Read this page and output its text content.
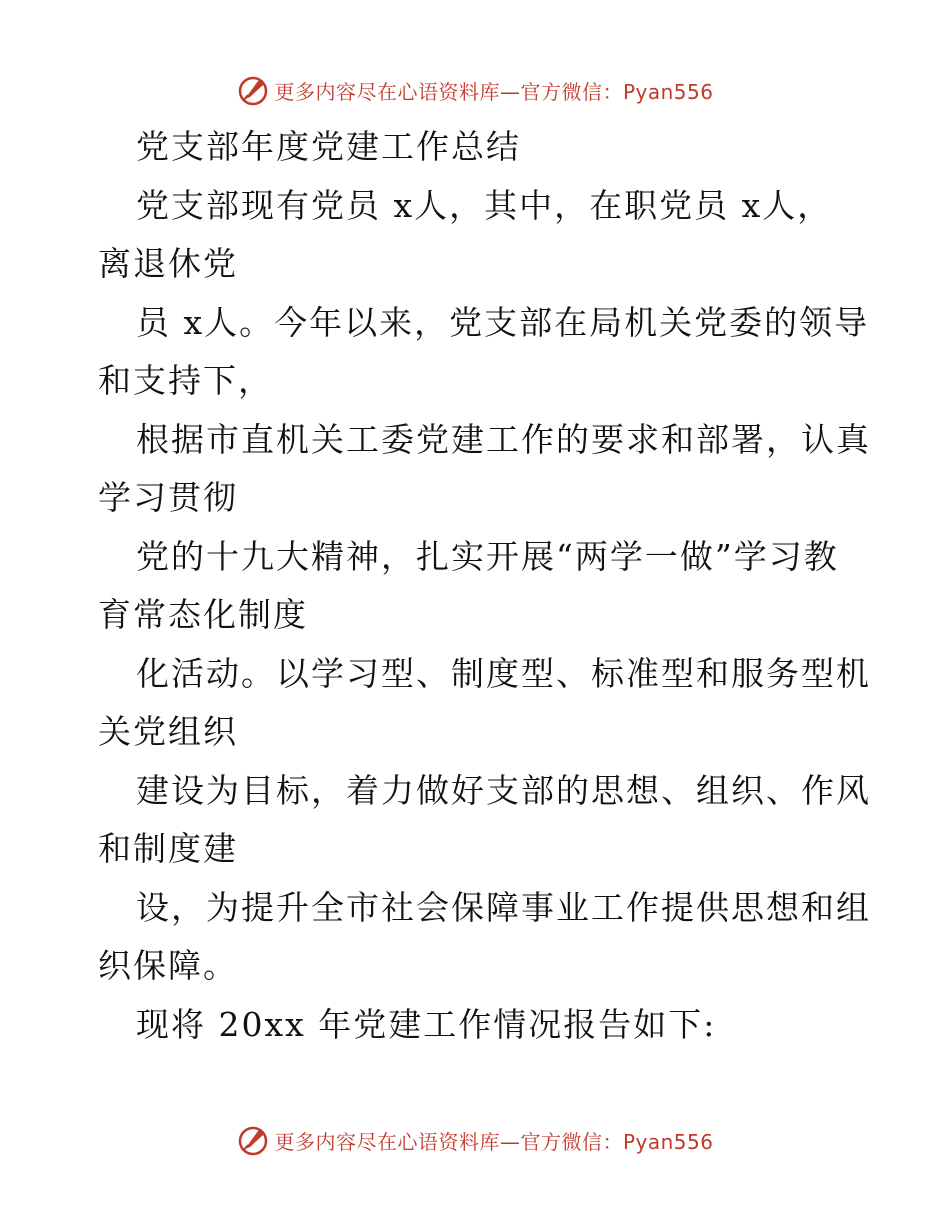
更多内容尽在心语资料库—官方微信：Pyan556
党支部年度党建工作总结
党支部现有党员 x人，其中，在职党员 x人，
离退休党
员 x人。今年以来，党支部在局机关党委的领导
和支持下，
根据市直机关工委党建工作的要求和部署，认真
学习贯彻
党的十九大精神，扎实开展“两学一做”学习教
育常态化制度
化活动。以学习型、制度型、标准型和服务型机
关党组织
建设为目标，着力做好支部的思想、组织、作风
和制度建
设，为提升全市社会保障事业工作提供思想和组
织保障。
现将 20xx 年党建工作情况报告如下:
更多内容尽在心语资料库—官方微信：Pyan556
